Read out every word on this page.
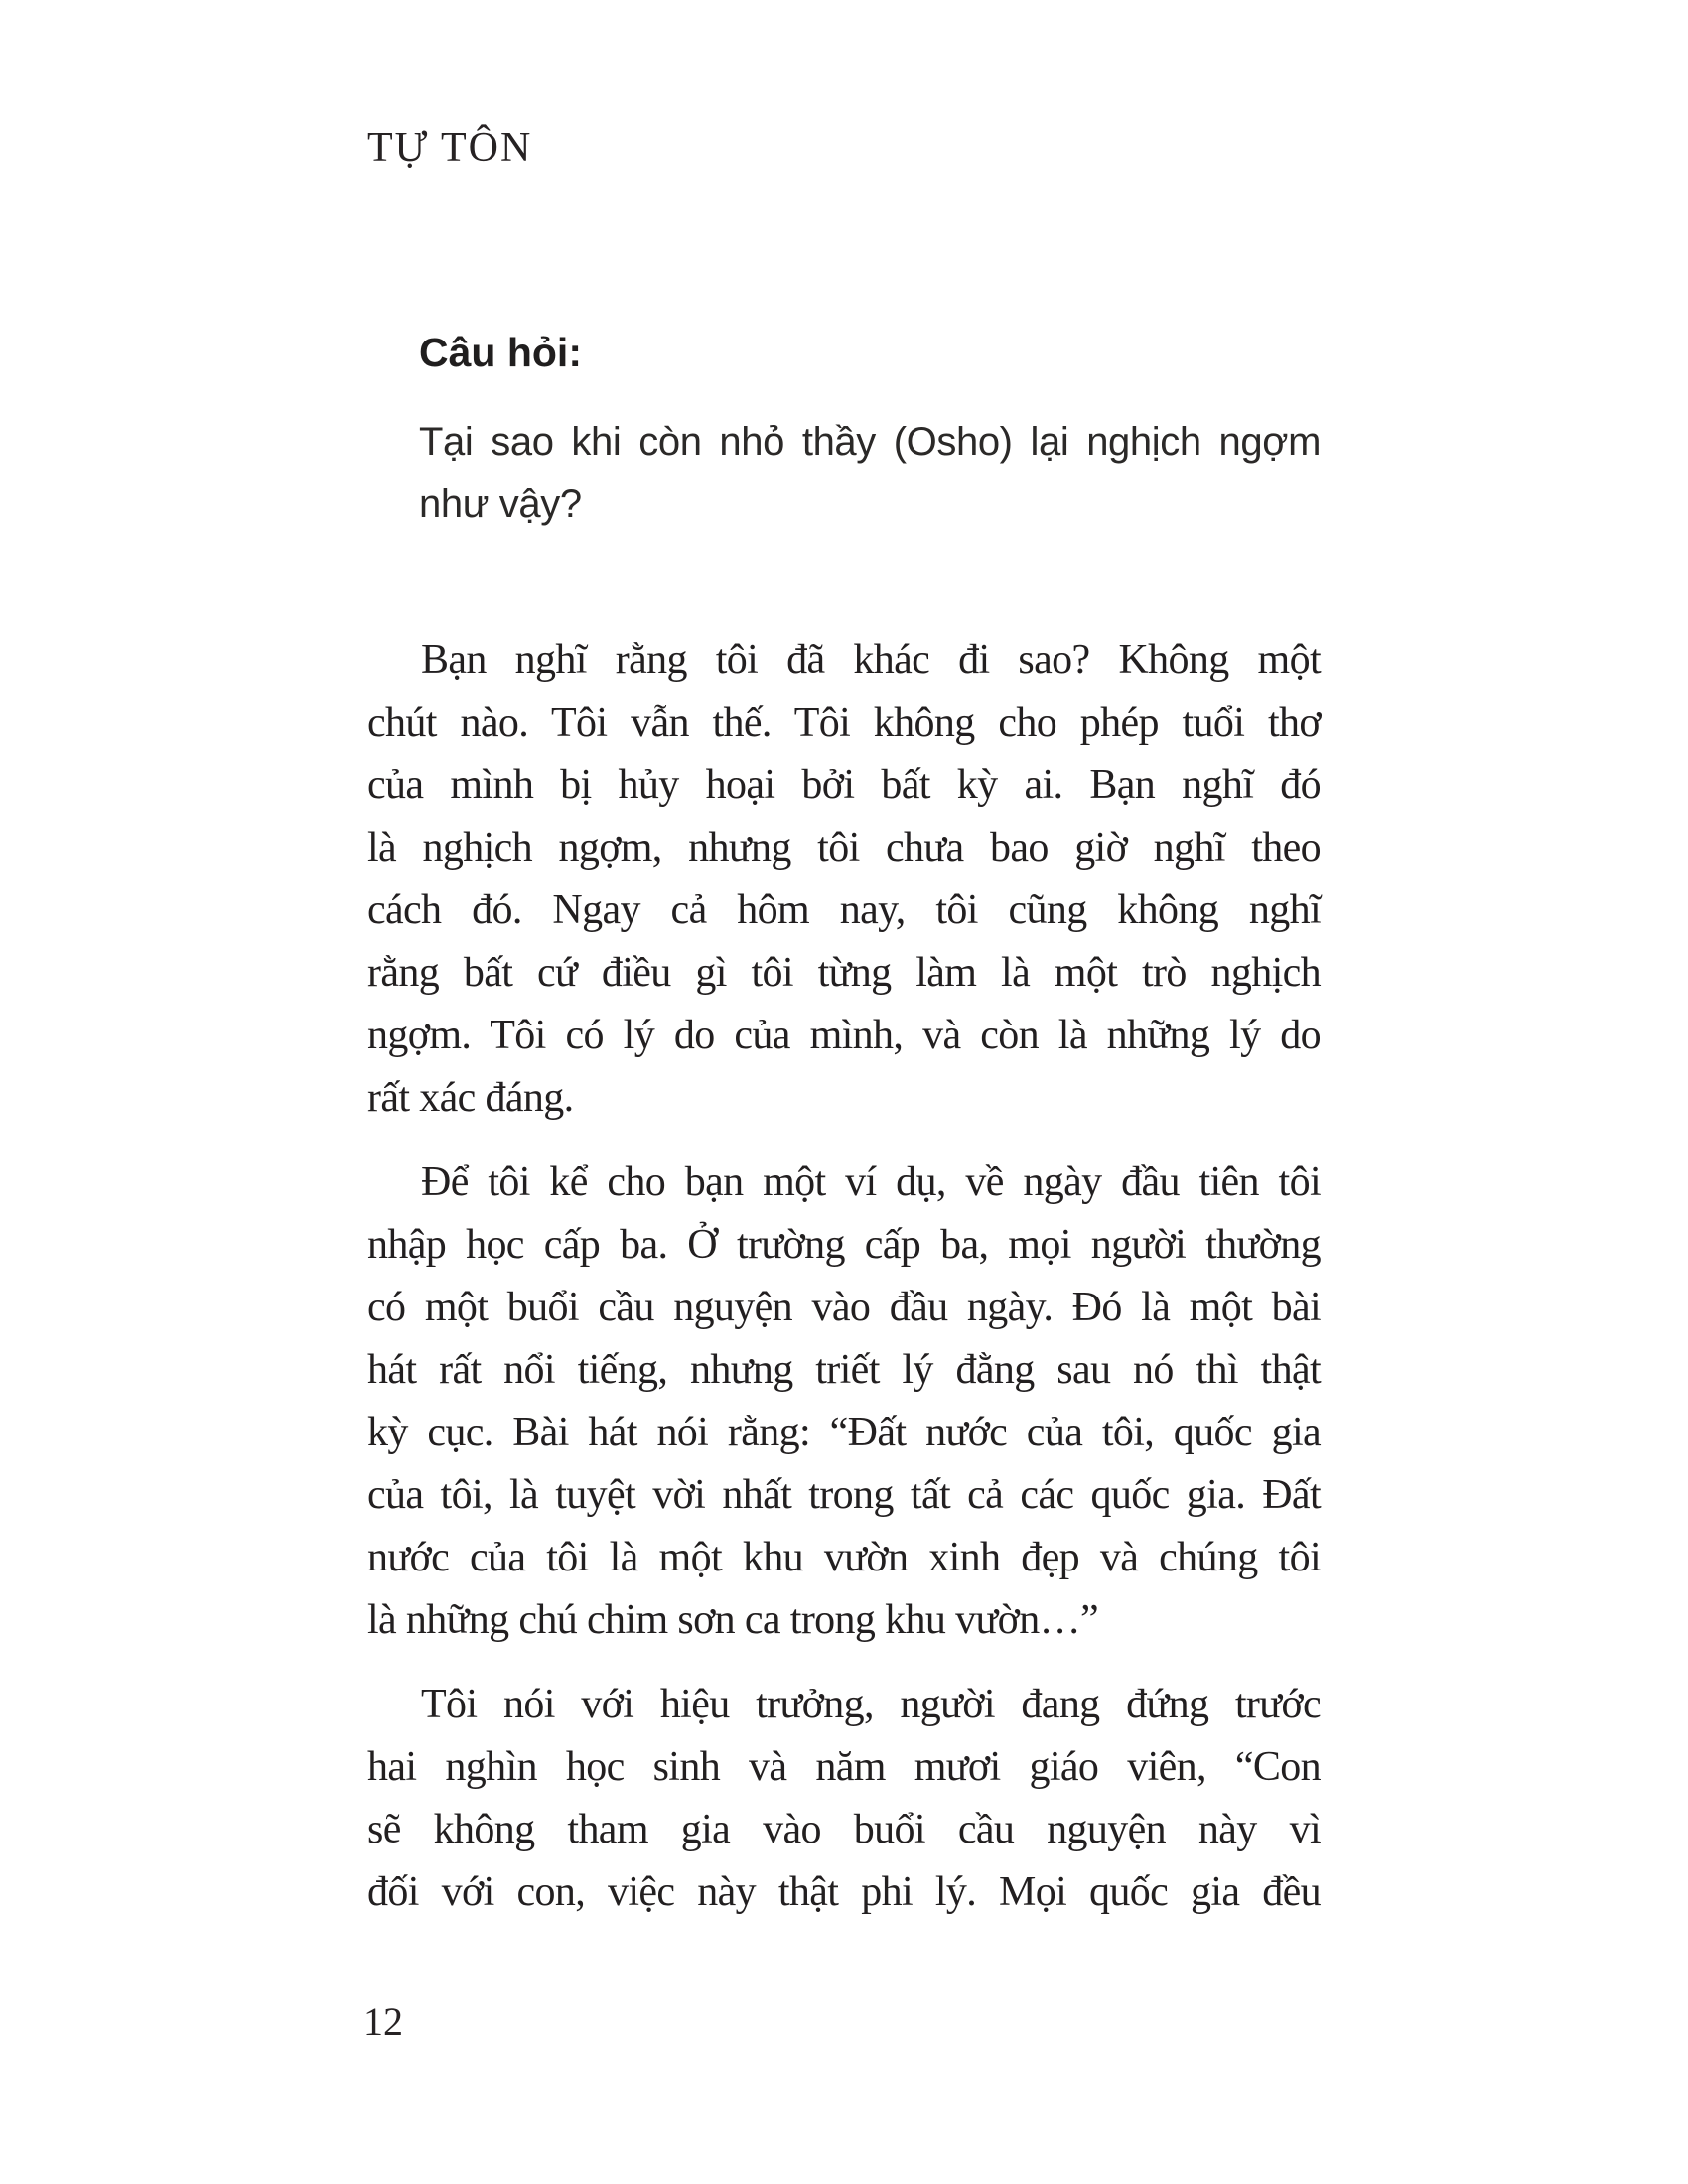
TỰ TÔN
Câu hỏi:
Tại sao khi còn nhỏ thầy (Osho) lại nghịch ngợm
như vậy?
Bạn nghĩ rằng tôi đã khác đi sao? Không một
chút nào. Tôi vẫn thế. Tôi không cho phép tuổi thơ
của mình bị hủy hoại bởi bất kỳ ai. Bạn nghĩ đó
là nghịch ngợm, nhưng tôi chưa bao giờ nghĩ theo
cách đó. Ngay cả hôm nay, tôi cũng không nghĩ
rằng bất cứ điều gì tôi từng làm là một trò nghịch
ngợm. Tôi có lý do của mình, và còn là những lý do
rất xác đáng.
Để tôi kể cho bạn một ví dụ, về ngày đầu tiên tôi
nhập học cấp ba. Ở trường cấp ba, mọi người thường
có một buổi cầu nguyện vào đầu ngày. Đó là một bài
hát rất nổi tiếng, nhưng triết lý đằng sau nó thì thật
kỳ cục. Bài hát nói rằng: “Đất nước của tôi, quốc gia
của tôi, là tuyệt vời nhất trong tất cả các quốc gia. Đất
nước của tôi là một khu vườn xinh đẹp và chúng tôi
là những chú chim sơn ca trong khu vườn…”
Tôi nói với hiệu trưởng, người đang đứng trước
hai nghìn học sinh và năm mươi giáo viên, “Con
sẽ không tham gia vào buổi cầu nguyện này vì
đối với con, việc này thật phi lý. Mọi quốc gia đều
12
